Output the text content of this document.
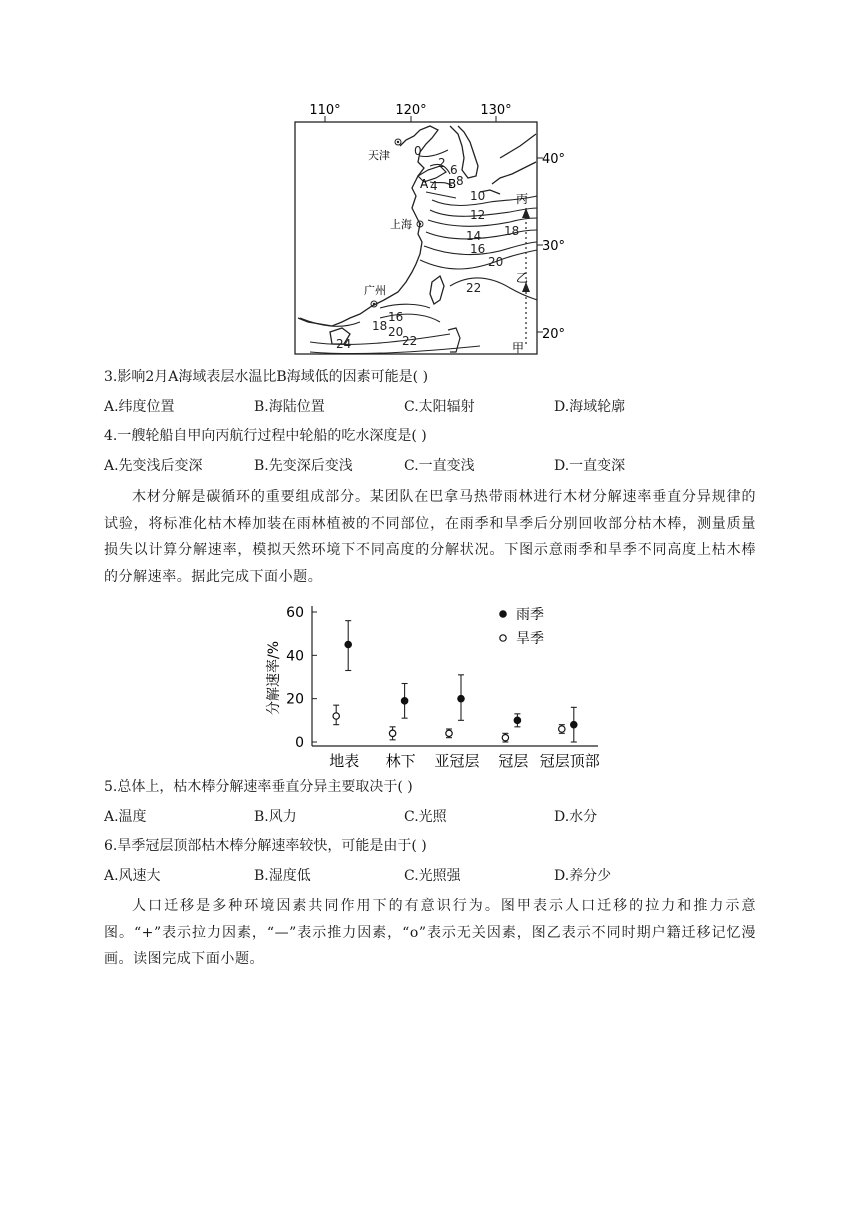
110°	120°	130°
40°
30°
20°
0
2
4
6
8
10
12
14
16
18
20
22
24
16
18 20
22
天津
上海
广州
A B
甲
乙
丙
3.影响2月A海域表层水温比B海域低的因素可能是( )
A.纬度位置	B.海陆位置	C.太阳辐射	D.海域轮廓
4.一艘轮船自甲向丙航行过程中轮船的吃水深度是( )
A.先变浅后变深	B.先变深后变浅	C.一直变浅	D.一直变深
木材分解是碳循环的重要组成部分。某团队在巴拿马热带雨林进行木材分解速率垂直分异规律的试验，将标准化枯木棒加装在雨林植被的不同部位，在雨季和旱季后分别回收部分枯木棒，测量质量损失以计算分解速率，模拟天然环境下不同高度的分解状况。下图示意雨季和旱季不同高度上枯木棒的分解速率。据此完成下面小题。
分解速率/%
0
20
40
60
地表 林下 亚冠层 冠层 冠层顶部
雨季
旱季
5.总体上，枯木棒分解速率垂直分异主要取决于( )
A.温度	B.风力	C.光照	D.水分
6.旱季冠层顶部枯木棒分解速率较快，可能是由于( )
A.风速大	B.湿度低	C.光照强	D.养分少
人口迁移是多种环境因素共同作用下的有意识行为。图甲表示人口迁移的拉力和推力示意图。“+”表示拉力因素，“—”表示推力因素，“o”表示无关因素，图乙表示不同时期户籍迁移记忆漫画。读图完成下面小题。
